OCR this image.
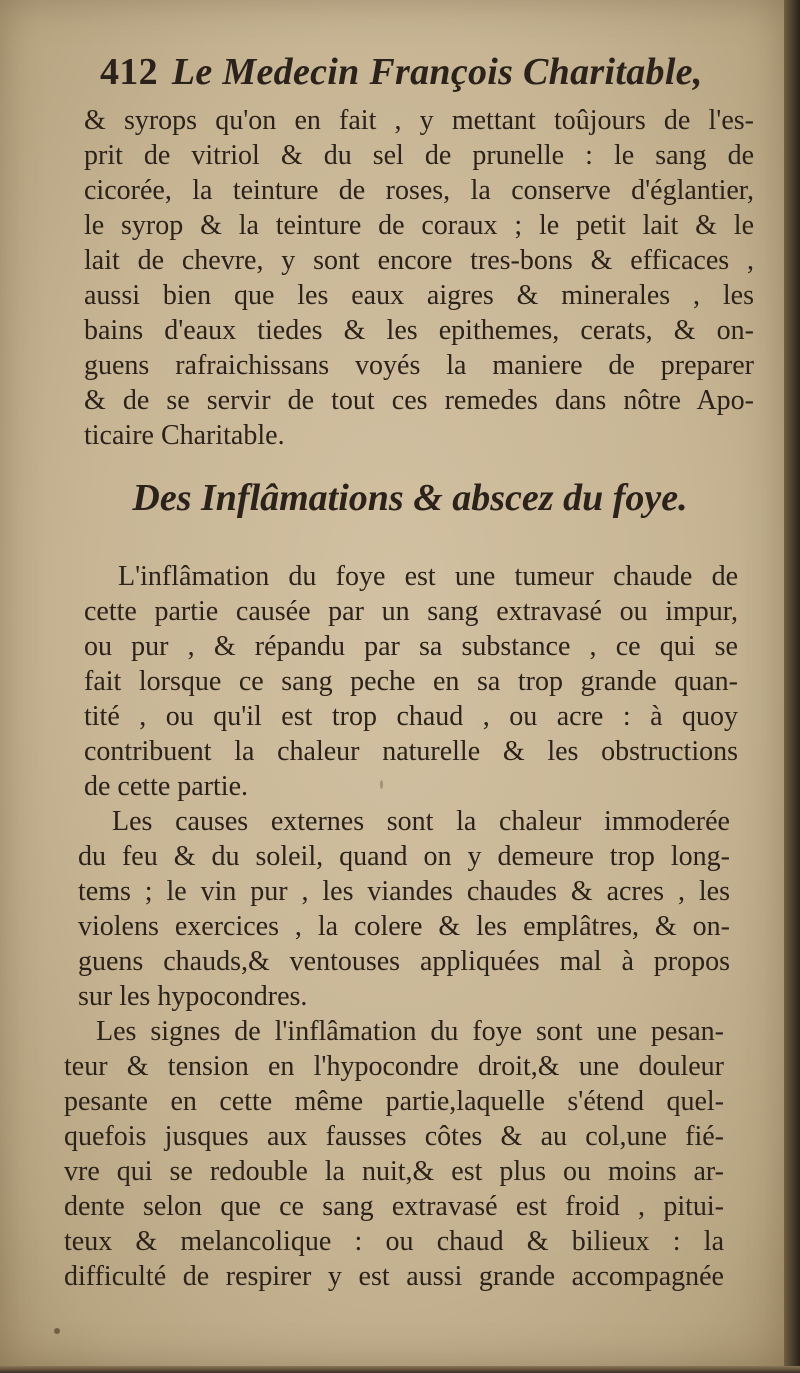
412 Le Medecin François Charitable,
& syrops qu'on en fait , y mettant toûjours de l'es-
prit de vitriol & du sel de prunelle : le sang de
cicorée, la teinture de roses, la conserve d'églantier,
le syrop & la teinture de coraux ; le petit lait & le
lait de chevre, y sont encore tres-bons & efficaces ,
aussi bien que les eaux aigres & minerales , les
bains d'eaux tiedes & les epithemes, cerats, & on-
guens rafraichissans voyés la maniere de preparer
& de se servir de tout ces remedes dans nôtre Apo-
ticaire Charitable.
Des Inflâmations & abscez du foye.
L'inflâmation du foye est une tumeur chaude de
cette partie causée par un sang extravasé ou impur,
ou pur , & répandu par sa substance , ce qui se
fait lorsque ce sang peche en sa trop grande quan-
tité , ou qu'il est trop chaud , ou acre : à quoy
contribuent la chaleur naturelle & les obstructions
de cette partie.
Les causes externes sont la chaleur immoderée
du feu & du soleil, quand on y demeure trop long-
tems ; le vin pur , les viandes chaudes & acres , les
violens exercices , la colere & les emplâtres, & on-
guens chauds,& ventouses appliquées mal à propos
sur les hypocondres.
Les signes de l'inflâmation du foye sont une pesan-
teur & tension en l'hypocondre droit,& une douleur
pesante en cette même partie,laquelle s'étend quel-
quefois jusques aux fausses côtes & au col,une fié-
vre qui se redouble la nuit,& est plus ou moins ar-
dente selon que ce sang extravasé est froid , pitui-
teux & melancolique : ou chaud & bilieux : la
difficulté de respirer y est aussi grande accompagnée
